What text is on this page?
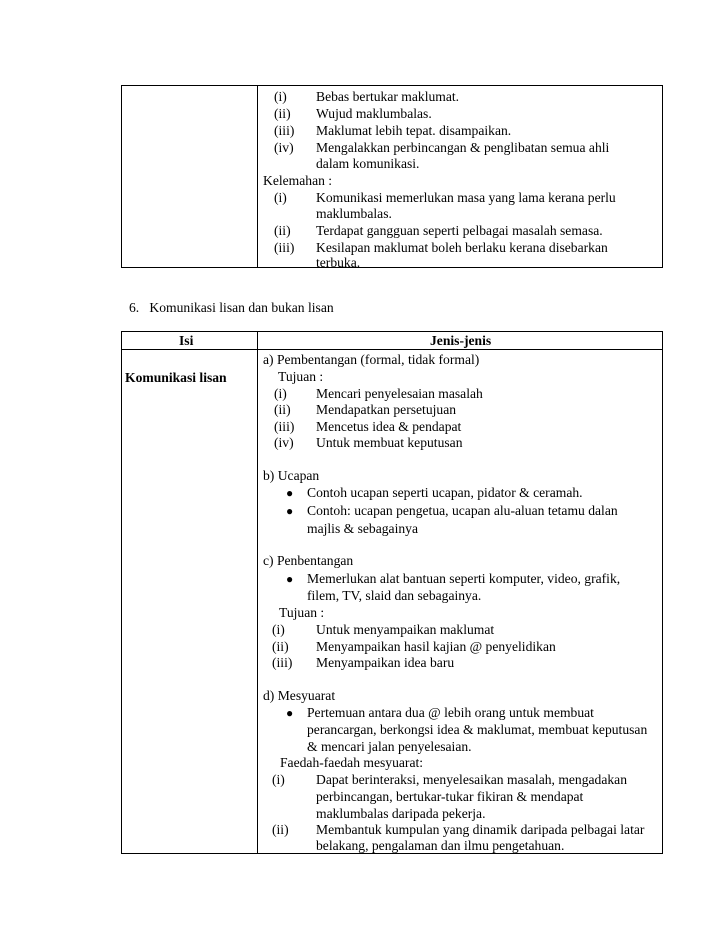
(i) Bebas bertukar maklumat.
(ii) Wujud maklumbalas.
(iii) Maklumat lebih tepat. disampaikan.
(iv) Mengalakkan perbincangan & penglibatan semua ahli
dalam komunikasi.
Kelemahan :
(i) Komunikasi memerlukan masa yang lama kerana perlu
maklumbalas.
(ii) Terdapat gangguan seperti pelbagai masalah semasa.
(iii) Kesilapan maklumat boleh berlaku kerana disebarkan
terbuka.
6. Komunikasi lisan dan bukan lisan
Isi	Jenis-jenis
Komunikasi lisan
a) Pembentangan (formal, tidak formal)
Tujuan :
(i) Mencari penyelesaian masalah
(ii) Mendapatkan persetujuan
(iii) Mencetus idea & pendapat
(iv) Untuk membuat keputusan
b) Ucapan
● Contoh ucapan seperti ucapan, pidator & ceramah.
● Contoh: ucapan pengetua, ucapan alu-aluan tetamu dalan
majlis & sebagainya
c) Penbentangan
● Memerlukan alat bantuan seperti komputer, video, grafik,
filem, TV, slaid dan sebagainya.
Tujuan :
(i) Untuk menyampaikan maklumat
(ii) Menyampaikan hasil kajian @ penyelidikan
(iii) Menyampaikan idea baru
d) Mesyuarat
● Pertemuan antara dua @ lebih orang untuk membuat
perancargan, berkongsi idea & maklumat, membuat keputusan
& mencari jalan penyelesaian.
Faedah-faedah mesyuarat:
(i) Dapat berinteraksi, menyelesaikan masalah, mengadakan
perbincangan, bertukar-tukar fikiran & mendapat
maklumbalas daripada pekerja.
(ii) Membantuk kumpulan yang dinamik daripada pelbagai latar
belakang, pengalaman dan ilmu pengetahuan.
